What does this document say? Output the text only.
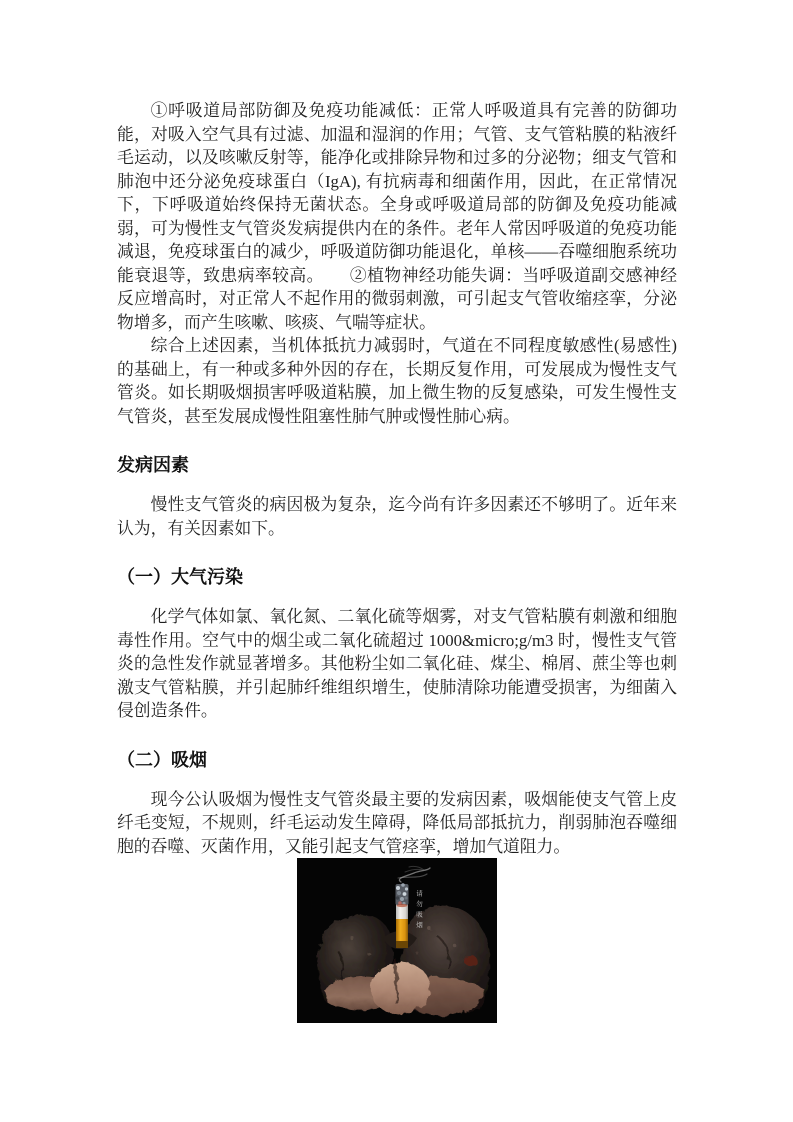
①呼吸道局部防御及免疫功能减低：正常人呼吸道具有完善的防御功能，对吸入空气具有过滤、加温和湿润的作用；气管、支气管粘膜的粘液纤毛运动，以及咳嗽反射等，能净化或排除异物和过多的分泌物；细支气管和肺泡中还分泌免疫球蛋白（IgA), 有抗病毒和细菌作用，因此，在正常情况下，下呼吸道始终保持无菌状态。全身或呼吸道局部的防御及免疫功能减弱，可为慢性支气管炎发病提供内在的条件。老年人常因呼吸道的免疫功能减退，免疫球蛋白的减少，呼吸道防御功能退化，单核——吞噬细胞系统功能衰退等，致患病率较高。　　②植物神经功能失调：当呼吸道副交感神经反应增高时，对正常人不起作用的微弱刺激，可引起支气管收缩痉挛，分泌物增多，而产生咳嗽、咳痰、气喘等症状。

综合上述因素，当机体抵抗力减弱时，气道在不同程度敏感性(易感性)的基础上，有一种或多种外因的存在，长期反复作用，可发展成为慢性支气管炎。如长期吸烟损害呼吸道粘膜，加上微生物的反复感染，可发生慢性支气管炎，甚至发展成慢性阻塞性肺气肿或慢性肺心病。

发病因素

慢性支气管炎的病因极为复杂，迄今尚有许多因素还不够明了。近年来认为，有关因素如下。

（一）大气污染

化学气体如氯、氧化氮、二氧化硫等烟雾，对支气管粘膜有刺激和细胞毒性作用。空气中的烟尘或二氧化硫超过 1000&micro;g/m3 时，慢性支气管炎的急性发作就显著增多。其他粉尘如二氧化硅、煤尘、棉屑、蔗尘等也刺激支气管粘膜，并引起肺纤维组织增生，使肺清除功能遭受损害，为细菌入侵创造条件。

（二）吸烟

现今公认吸烟为慢性支气管炎最主要的发病因素，吸烟能使支气管上皮纤毛变短，不规则，纤毛运动发生障碍，降低局部抵抗力，削弱肺泡吞噬细胞的吞噬、灭菌作用，又能引起支气管痉挛，增加气道阻力。

请勿吸烟
